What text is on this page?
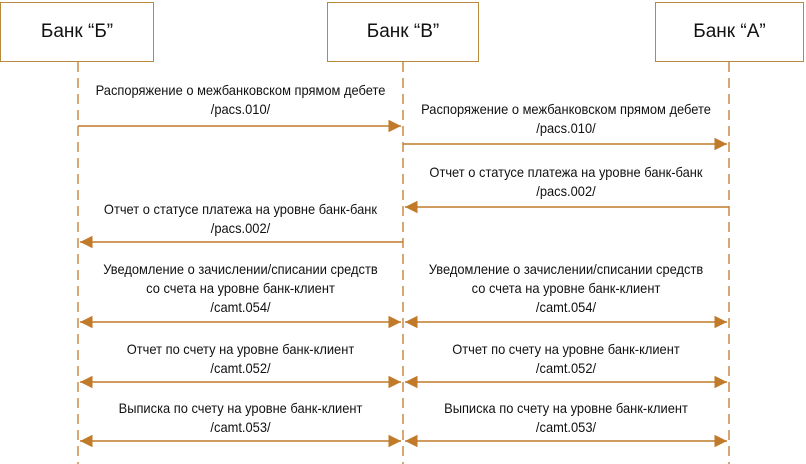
Банк “Б”	Банк “В”	Банк “А”
Распоряжение о межбанковском прямом дебете
/pacs.010/	Распоряжение о межбанковском прямом дебете
/pacs.010/
Отчет о статусе платежа на уровне банк-банк
/pacs.002/
Отчет о статусе платежа на уровне банк-банк
/pacs.002/
Уведомление о зачислении/списании средств
со счета на уровне банк-клиент
/camt.054/
Уведомление о зачислении/списании средств
со счета на уровне банк-клиент
/camt.054/
Отчет по счету на уровне банк-клиент
/camt.052/
Отчет по счету на уровне банк-клиент
/camt.052/
Выписка по счету на уровне банк-клиент
/camt.053/
Выписка по счету на уровне банк-клиент
/camt.053/
